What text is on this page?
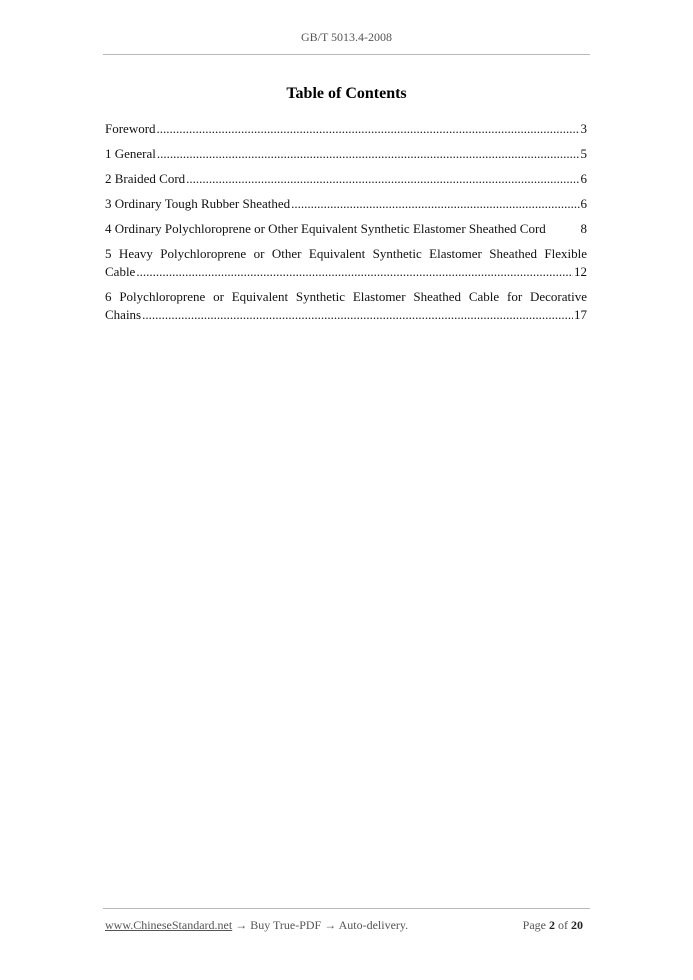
GB/T 5013.4-2008
Table of Contents
Foreword .....	3
1 General .....	5
2 Braided Cord .....	6
3 Ordinary Tough Rubber Sheathed .....	6
4 Ordinary Polychloroprene or Other Equivalent Synthetic Elastomer Sheathed Cord	8
5 Heavy Polychloroprene or Other Equivalent Synthetic Elastomer Sheathed Flexible
Cable .....	12
6 Polychloroprene or Equivalent Synthetic Elastomer Sheathed Cable for Decorative
Chains .....	17
www.ChineseStandard.net → Buy True-PDF → Auto-delivery.	Page 2 of 20
